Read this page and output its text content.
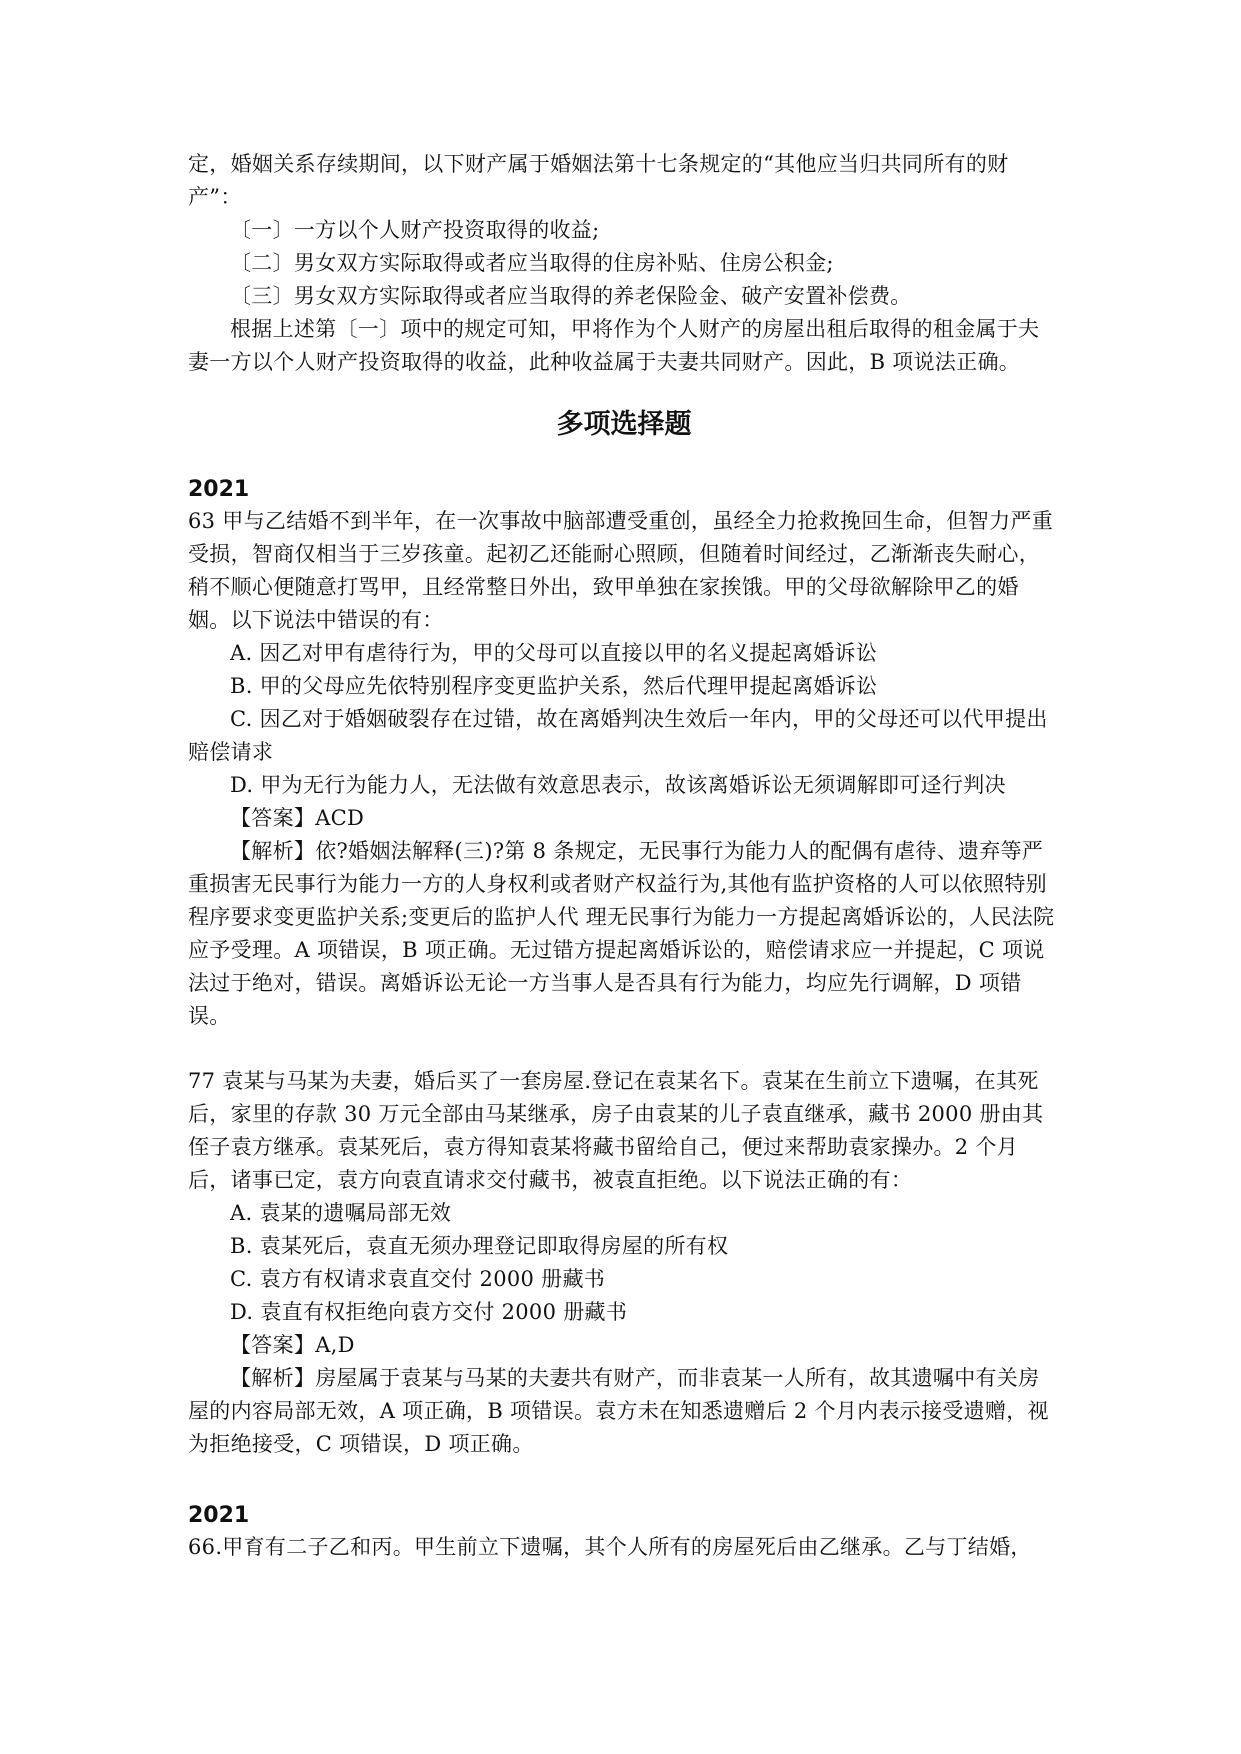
定，婚姻关系存续期间，以下财产属于婚姻法第十七条规定的“其他应当归共同所有的财产”：

〔一〕一方以个人财产投资取得的收益;

〔二〕男女双方实际取得或者应当取得的住房补贴、住房公积金;

〔三〕男女双方实际取得或者应当取得的养老保险金、破产安置补偿费。

根据上述第〔一〕项中的规定可知，甲将作为个人财产的房屋出租后取得的租金属于夫妻一方以个人财产投资取得的收益，此种收益属于夫妻共同财产。因此，B 项说法正确。

多项选择题
2021

63 甲与乙结婚不到半年，在一次事故中脑部遭受重创，虽经全力抢救挽回生命，但智力严重受损，智商仅相当于三岁孩童。起初乙还能耐心照顾，但随着时间经过，乙渐渐丧失耐心，稍不顺心便随意打骂甲，且经常整日外出，致甲单独在家挨饿。甲的父母欲解除甲乙的婚姻。以下说法中错误的有：

A. 因乙对甲有虐待行为，甲的父母可以直接以甲的名义提起离婚诉讼

B. 甲的父母应先依特别程序变更监护关系，然后代理甲提起离婚诉讼

C. 因乙对于婚姻破裂存在过错，故在离婚判决生效后一年内，甲的父母还可以代甲提出赔偿请求

D. 甲为无行为能力人，无法做有效意思表示，故该离婚诉讼无须调解即可迳行判决

【答案】ACD

【解析】依?婚姻法解释(三)?第 8 条规定，无民事行为能力人的配偶有虐待、遗弃等严重损害无民事行为能力一方的人身权利或者财产权益行为,其他有监护资格的人可以依照特别程序要求变更监护关系;变更后的监护人代 理无民事行为能力一方提起离婚诉讼的，人民法院应予受理。A 项错误，B 项正确。无过错方提起离婚诉讼的，赔偿请求应一并提起，C 项说法过于绝对，错误。离婚诉讼无论一方当事人是否具有行为能力，均应先行调解，D 项错误。

77 袁某与马某为夫妻，婚后买了一套房屋.登记在袁某名下。袁某在生前立下遗嘱，在其死后，家里的存款 30 万元全部由马某继承，房子由袁某的儿子袁直继承，藏书 2000 册由其侄子袁方继承。袁某死后，袁方得知袁某将藏书留给自己，便过来帮助袁家操办。2 个月后，诸事已定，袁方向袁直请求交付藏书，被袁直拒绝。以下说法正确的有：

A. 袁某的遗嘱局部无效

B. 袁某死后，袁直无须办理登记即取得房屋的所有权

C. 袁方有权请求袁直交付 2000 册藏书

D. 袁直有权拒绝向袁方交付 2000 册藏书

【答案】A,D

【解析】房屋属于袁某与马某的夫妻共有财产，而非袁某一人所有，故其遗嘱中有关房屋的内容局部无效，A 项正确，B 项错误。袁方未在知悉遗赠后 2 个月内表示接受遗赠，视为拒绝接受，C 项错误，D 项正确。

2021

66.甲育有二子乙和丙。甲生前立下遗嘱，其个人所有的房屋死后由乙继承。乙与丁结婚，
